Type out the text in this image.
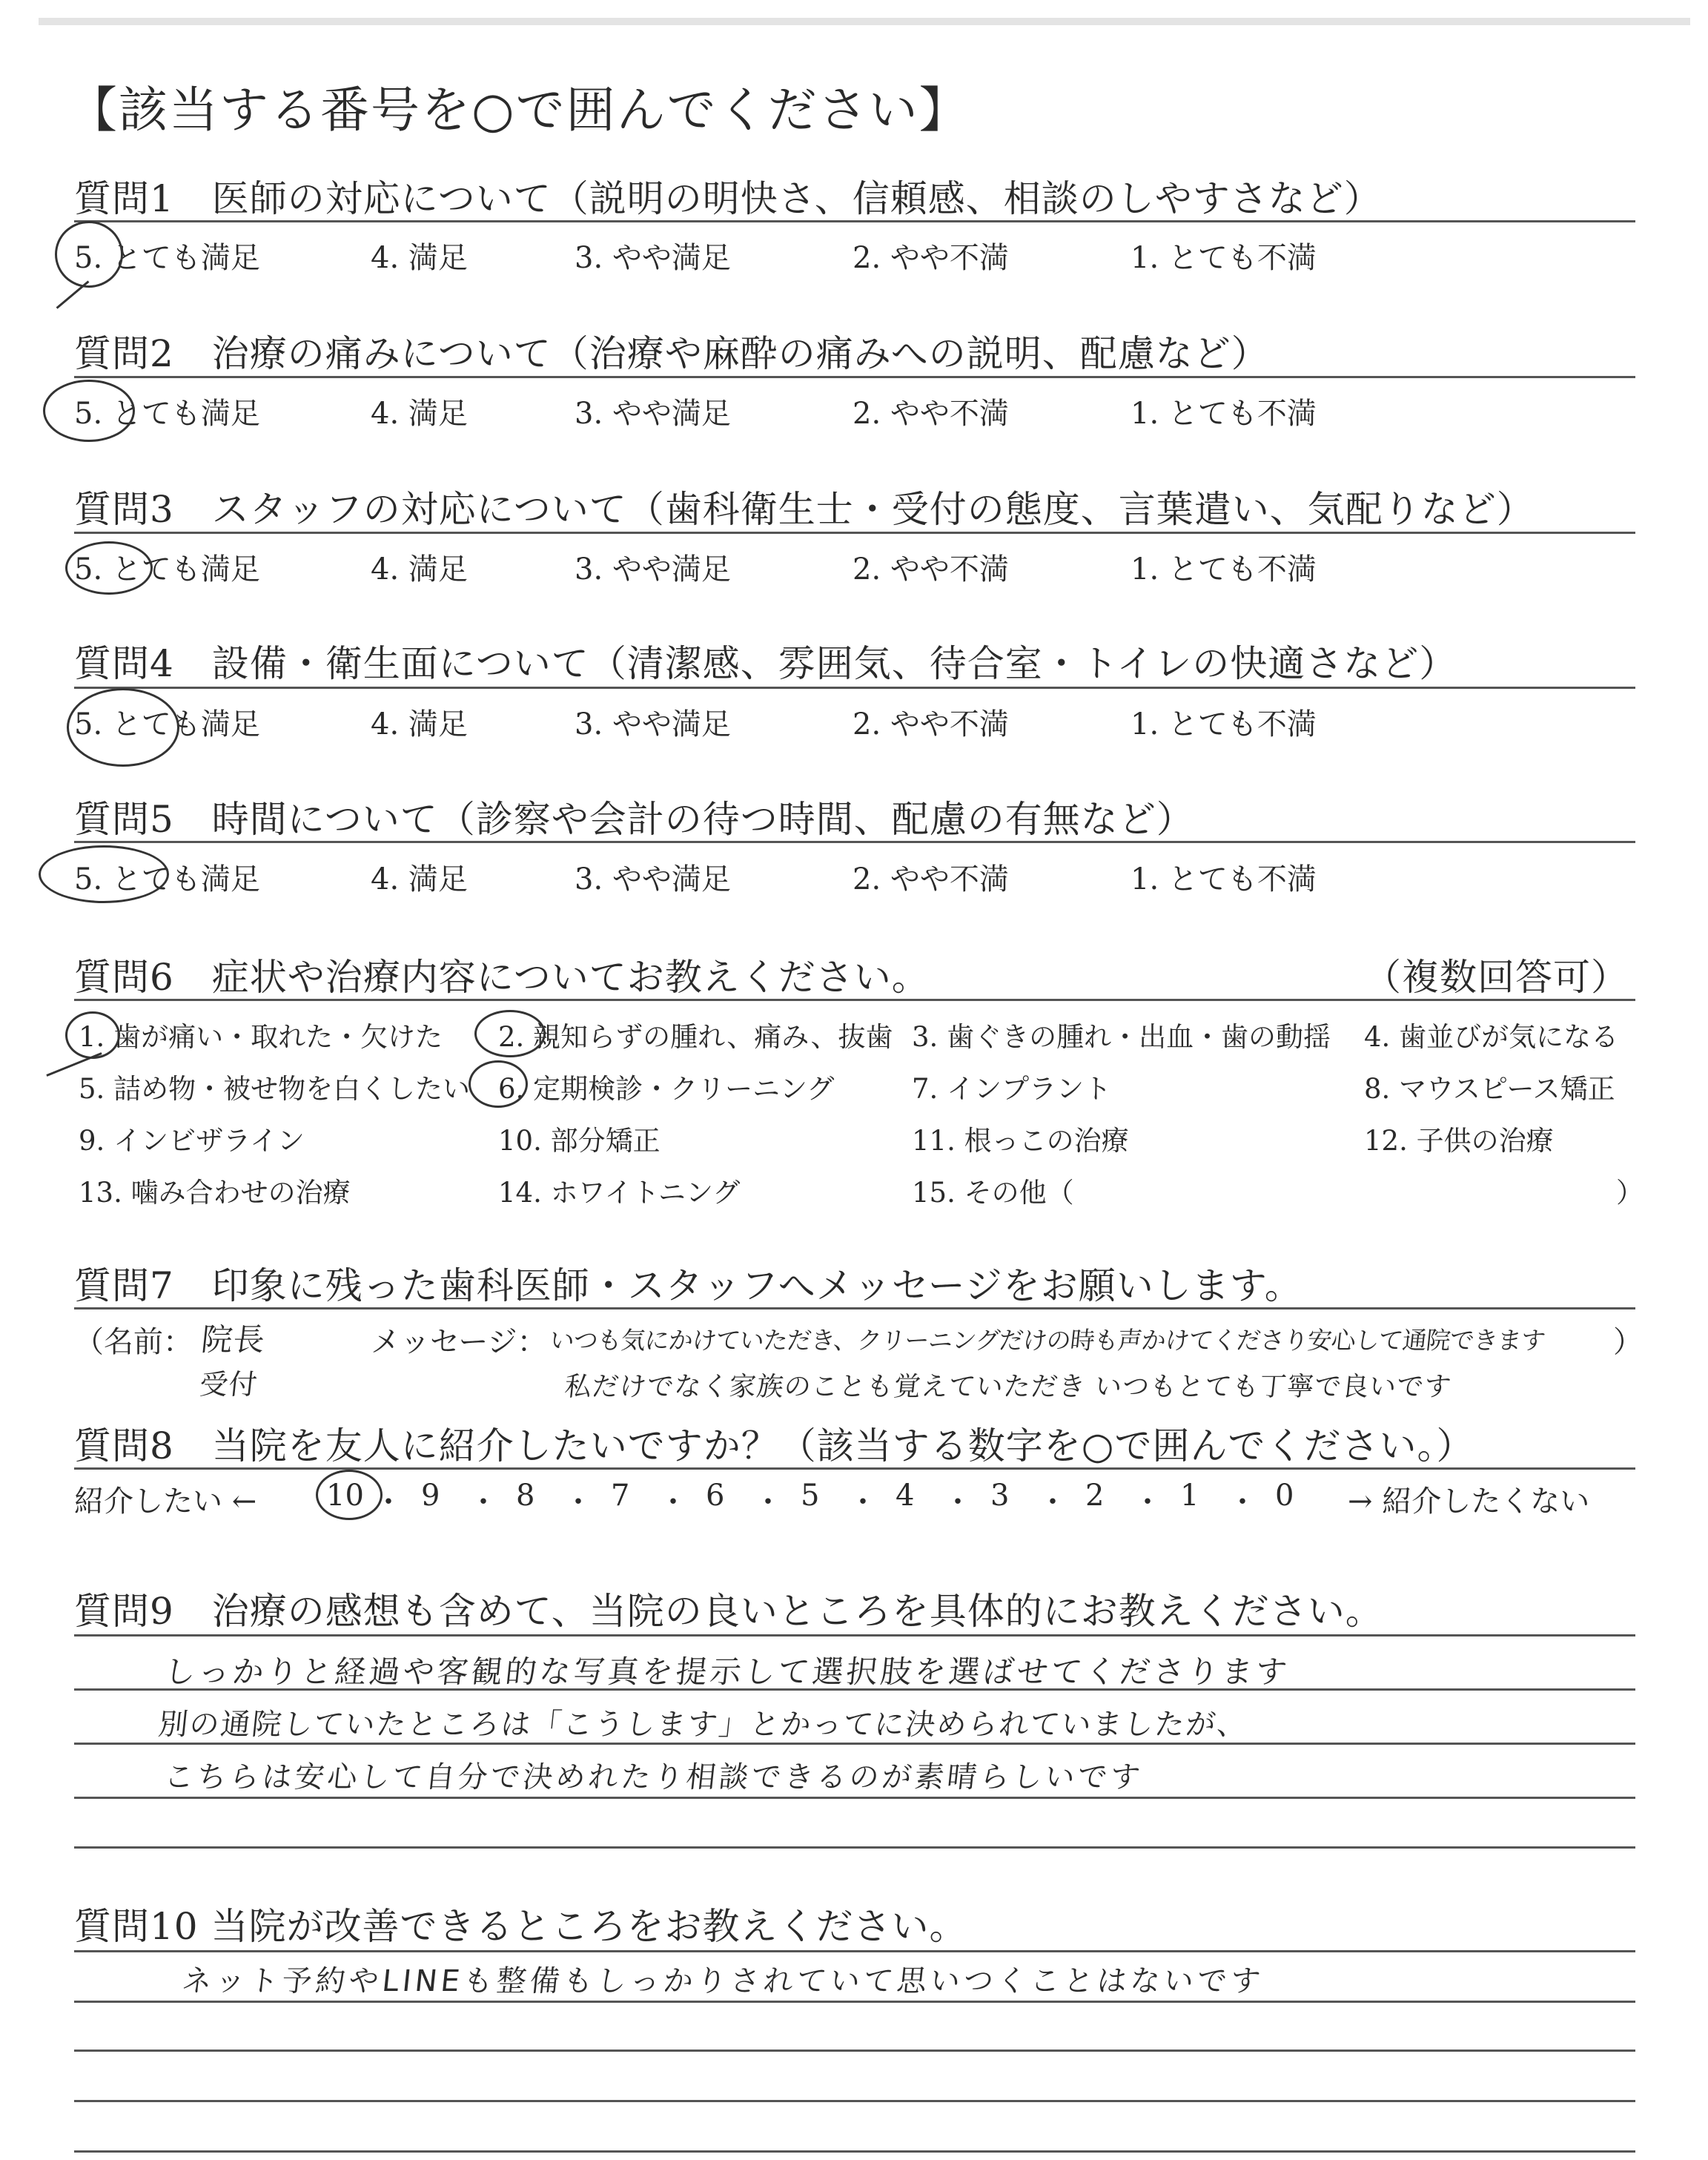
【該当する番号を○で囲んでください】
質問1　医師の対応について（説明の明快さ、信頼感、相談のしやすさなど）
5. とても満足	4. 満足	3. やや満足	2. やや不満	1. とても不満
質問2　治療の痛みについて（治療や麻酔の痛みへの説明、配慮など）
5. とても満足	4. 満足	3. やや満足	2. やや不満	1. とても不満
質問3　スタッフの対応について（歯科衛生士・受付の態度、言葉遣い、気配りなど）
5. とても満足	4. 満足	3. やや満足	2. やや不満	1. とても不満
質問4　設備・衛生面について（清潔感、雰囲気、待合室・トイレの快適さなど）
5. とても満足	4. 満足	3. やや満足	2. やや不満	1. とても不満
質問5　時間について（診察や会計の待つ時間、配慮の有無など）
5. とても満足	4. 満足	3. やや満足	2. やや不満	1. とても不満
質問6　症状や治療内容についてお教えください。	（複数回答可）
1. 歯が痛い・取れた・欠けた 2. 親知らずの腫れ、痛み、抜歯 3. 歯ぐきの腫れ・出血・歯の動揺 4. 歯並びが気になる
5. 詰め物・被せ物を白くしたい 6. 定期検診・クリーニング	7. インプラント	8. マウスピース矯正
9. インビザライン	10. 部分矯正	11. 根っこの治療	12. 子供の治療
13. 噛み合わせの治療	14. ホワイトニング	15. その他（	）
質問7　印象に残った歯科医師・スタッフへメッセージをお願いします。
（名前： 院長
受付
メッセージ： いつも気にかけていただき、クリーニングだけの時も声かけてくださり安心して通院できます ）
私だけでなく家族のことも覚えていただき いつもとても丁寧で良いです
質問8　当院を友人に紹介したいですか？（該当する数字を○で囲んでください。）
紹介したい ←	→ 紹介したくない
10 ・ 9 ・ 8 ・ 7 ・ 6 ・ 5 ・ 4 ・ 3 ・ 2 ・ 1 ・ 0
質問9　治療の感想も含めて、当院の良いところを具体的にお教えください。
しっかりと経過や客観的な写真を提示して選択肢を選ばせてくださります
別の通院していたところは「こうします」とかってに決められていましたが、
こちらは安心して自分で決めれたり相談できるのが素晴らしいです
質問10 当院が改善できるところをお教えください。
ネット予約やLINEも整備もしっかりされていて思いつくことはないです
